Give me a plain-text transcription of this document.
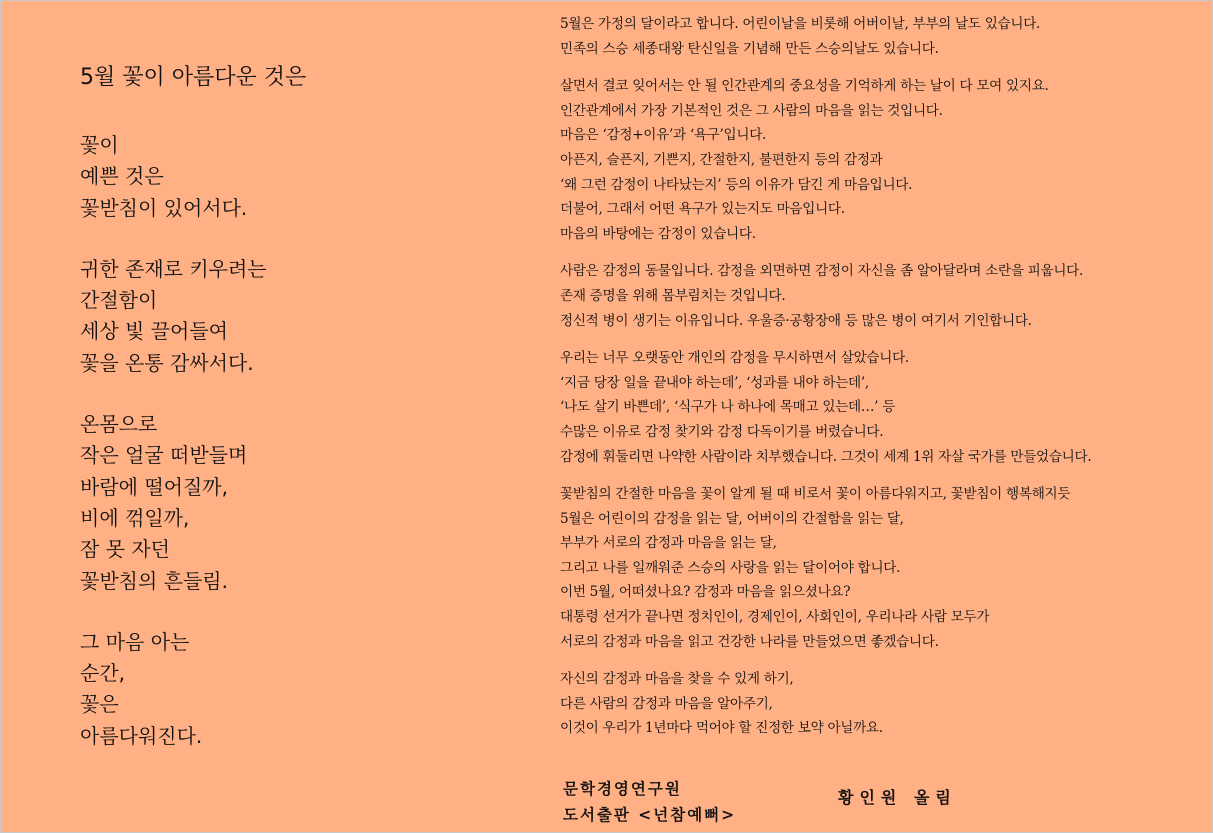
5월 꽃이 아름다운 것은
꽃이
예쁜 것은
꽃받침이 있어서다.
귀한 존재로 키우려는
간절함이
세상 빛 끌어들여
꽃을 온통 감싸서다.
온몸으로
작은 얼굴 떠받들며
바람에 떨어질까,
비에 꺾일까,
잠 못 자던
꽃받침의 흔들림.
그 마음 아는
순간,
꽃은
아름다워진다.
5월은 가정의 달이라고 합니다. 어린이날을 비롯해 어버이날, 부부의 날도 있습니다.
민족의 스승 세종대왕 탄신일을 기념해 만든 스승의날도 있습니다.
살면서 결코 잊어서는 안 될 인간관계의 중요성을 기억하게 하는 날이 다 모여 있지요.
인간관계에서 가장 기본적인 것은 그 사람의 마음을 읽는 것입니다.
마음은 ‘감정+이유’과 ‘욕구’입니다.
아픈지, 슬픈지, 기쁜지, 간절한지, 불편한지 등의 감정과
‘왜 그런 감정이 나타났는지’ 등의 이유가 담긴 게 마음입니다.
더불어, 그래서 어떤 욕구가 있는지도 마음입니다.
마음의 바탕에는 감정이 있습니다.
사람은 감정의 동물입니다. 감정을 외면하면 감정이 자신을 좀 알아달라며 소란을 피웁니다.
존재 증명을 위해 몸부림치는 것입니다.
정신적 병이 생기는 이유입니다. 우울증·공황장애 등 많은 병이 여기서 기인합니다.
우리는 너무 오랫동안 개인의 감정을 무시하면서 살았습니다.
‘지금 당장 일을 끝내야 하는데’, ‘성과를 내야 하는데’,
‘나도 살기 바쁜데’, ‘식구가 나 하나에 목매고 있는데…’ 등
수많은 이유로 감정 찾기와 감정 다독이기를 버렸습니다.
감정에 휘둘리면 나약한 사람이라 치부했습니다. 그것이 세계 1위 자살 국가를 만들었습니다.
꽃받침의 간절한 마음을 꽃이 알게 될 때 비로서 꽃이 아름다워지고, 꽃받침이 행복해지듯
5월은 어린이의 감정을 읽는 달, 어버이의 간절함을 읽는 달,
부부가 서로의 감정과 마음을 읽는 달,
그리고 나를 일깨워준 스승의 사랑을 읽는 달이어야 합니다.
이번 5월, 어떠셨나요? 감정과 마음을 읽으셨나요?
대통령 선거가 끝나면 정치인이, 경제인이, 사회인이, 우리나라 사람 모두가
서로의 감정과 마음을 읽고 건강한 나라를 만들었으면 좋겠습니다.
자신의 감정과 마음을 찾을 수 있게 하기,
다른 사람의 감정과 마음을 알아주기,
이것이 우리가 1년마다 먹어야 할 진정한 보약 아닐까요.
문학경영연구원
도서출판 <넌참예뻐>
황인원 올림
